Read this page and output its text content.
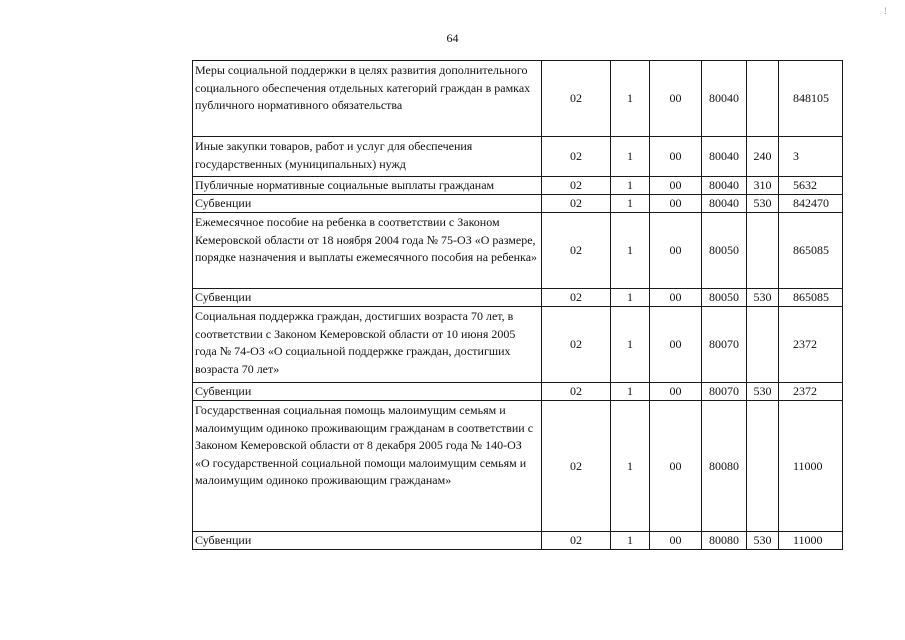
64
!
Меры социальной поддержки в целях развития дополнительного социального обеспечения отдельных категорий граждан в рамках публичного нормативного обязательства	02	1	00	80040		848105
Иные закупки товаров, работ и услуг для обеспечения государственных (муниципальных) нужд	02	1	00	80040	240	3
Публичные нормативные социальные выплаты гражданам	02	1	00	80040	310	5632
Субвенции	02	1	00	80040	530	842470
Ежемесячное пособие на ребенка в соответствии с Законом Кемеровской области от 18 ноября 2004 года № 75-ОЗ «О размере, порядке назначения и выплаты ежемесячного пособия на ребенка»	02	1	00	80050		865085
Субвенции	02	1	00	80050	530	865085
Социальная поддержка граждан, достигших возраста 70 лет, в соответствии с Законом Кемеровской области от 10 июня 2005 года № 74-ОЗ «О социальной поддержке граждан, достигших возраста 70 лет»	02	1	00	80070		2372
Субвенции	02	1	00	80070	530	2372
Государственная социальная помощь малоимущим семьям и малоимущим одиноко проживающим гражданам в соответствии с Законом Кемеровской области от 8 декабря 2005 года № 140-ОЗ «О государственной социальной помощи малоимущим семьям и малоимущим одиноко проживающим гражданам»	02	1	00	80080		11000
Субвенции	02	1	00	80080	530	11000
